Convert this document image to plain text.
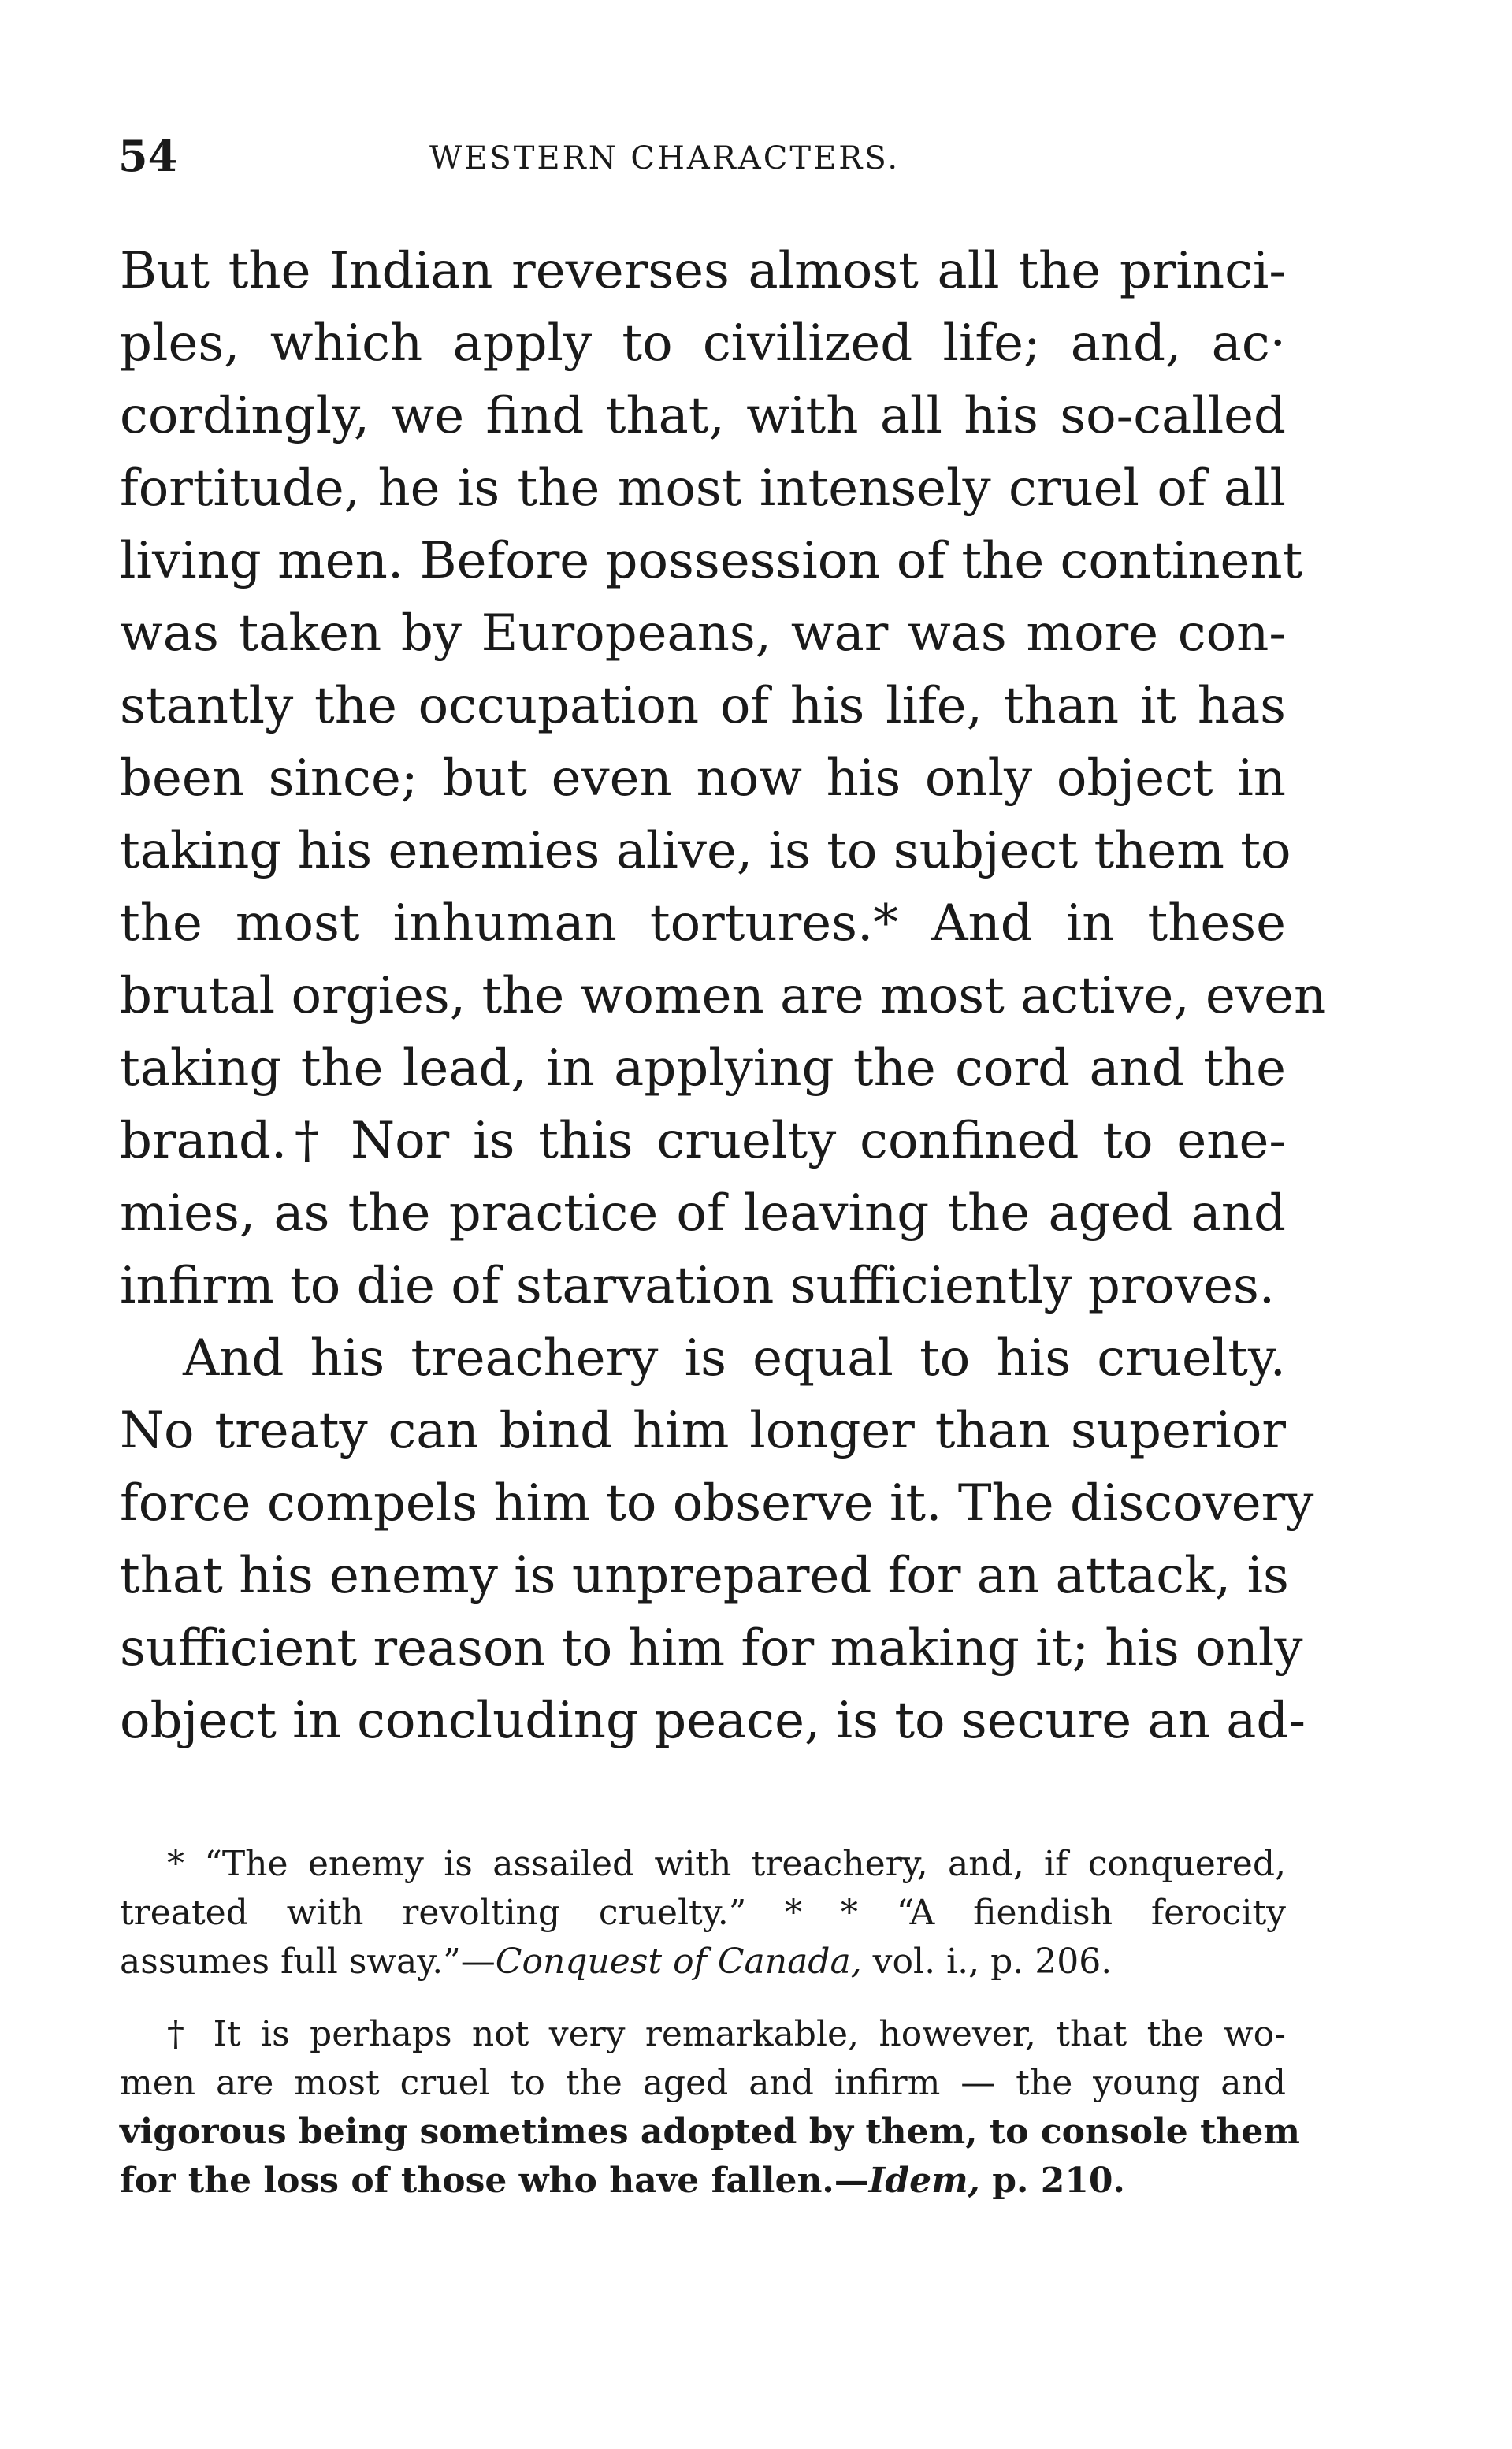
54	WESTERN CHARACTERS.
But the Indian reverses almost all the princi-
ples, which apply to civilized life; and, ac·
cordingly, we find that, with all his so-called
fortitude, he is the most intensely cruel of all
living men. Before possession of the continent
was taken by Europeans, war was more con-
stantly the occupation of his life, than it has
been since; but even now his only object in
taking his enemies alive, is to subject them to
the most inhuman tortures.* And in these
brutal orgies, the women are most active, even
taking the lead, in applying the cord and the
brand.† Nor is this cruelty confined to ene-
mies, as the practice of leaving the aged and
infirm to die of starvation sufficiently proves.
And his treachery is equal to his cruelty.
No treaty can bind him longer than superior
force compels him to observe it. The discovery
that his enemy is unprepared for an attack, is
sufficient reason to him for making it; his only
object in concluding peace, is to secure an ad-
* “The enemy is assailed with treachery, and, if conquered,
treated with revolting cruelty.” * * “A fiendish ferocity
assumes full sway.”—Conquest of Canada, vol. i., p. 206.
† It is perhaps not very remarkable, however, that the wo-
men are most cruel to the aged and infirm — the young and
vigorous being sometimes adopted by them, to console them
for the loss of those who have fallen.—Idem, p. 210.
